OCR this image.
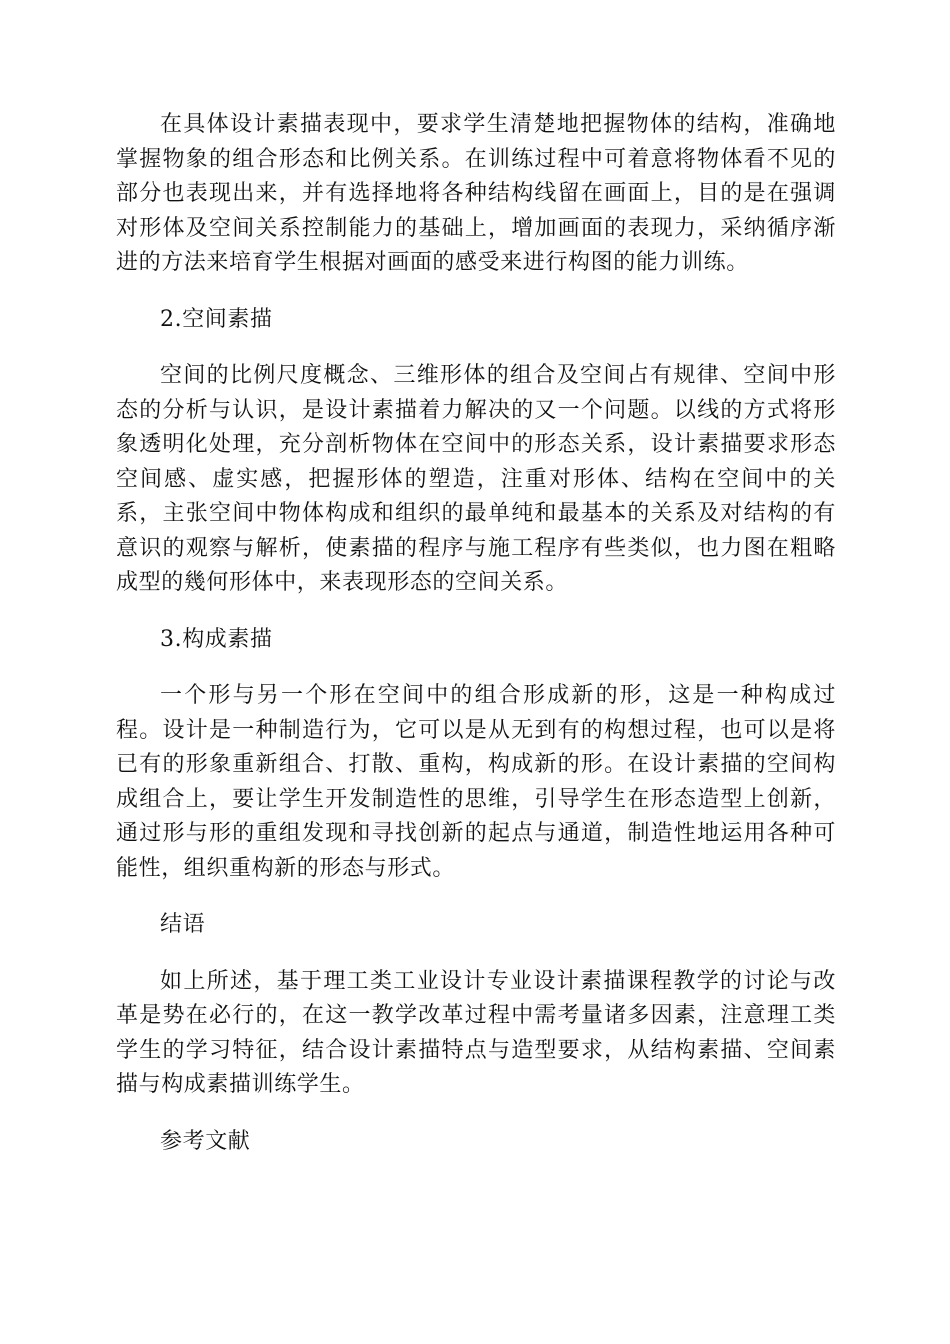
在具体设计素描表现中，要求学生清楚地把握物体的结构，准确地掌握物象的组合形态和比例关系。在训练过程中可着意将物体看不见的部分也表现出来，并有选择地将各种结构线留在画面上，目的是在强调对形体及空间关系控制能力的基础上，增加画面的表现力，采纳循序渐进的方法来培育学生根据对画面的感受来进行构图的能力训练。

2.空间素描

空间的比例尺度概念、三维形体的组合及空间占有规律、空间中形态的分析与认识，是设计素描着力解决的又一个问题。以线的方式将形象透明化处理，充分剖析物体在空间中的形态关系，设计素描要求形态空间感、虚实感，把握形体的塑造，注重对形体、结构在空间中的关系，主张空间中物体构成和组织的最单纯和最基本的关系及对结构的有意识的观察与解析，使素描的程序与施工程序有些类似，也力图在粗略成型的幾何形体中，来表现形态的空间关系。

3.构成素描

一个形与另一个形在空间中的组合形成新的形，这是一种构成过程。设计是一种制造行为，它可以是从无到有的构想过程，也可以是将已有的形象重新组合、打散、重构，构成新的形。在设计素描的空间构成组合上，要让学生开发制造性的思维，引导学生在形态造型上创新，通过形与形的重组发现和寻找创新的起点与通道，制造性地运用各种可能性，组织重构新的形态与形式。

结语

如上所述，基于理工类工业设计专业设计素描课程教学的讨论与改革是势在必行的，在这一教学改革过程中需考量诸多因素，注意理工类学生的学习特征，结合设计素描特点与造型要求，从结构素描、空间素描与构成素描训练学生。

参考文献
